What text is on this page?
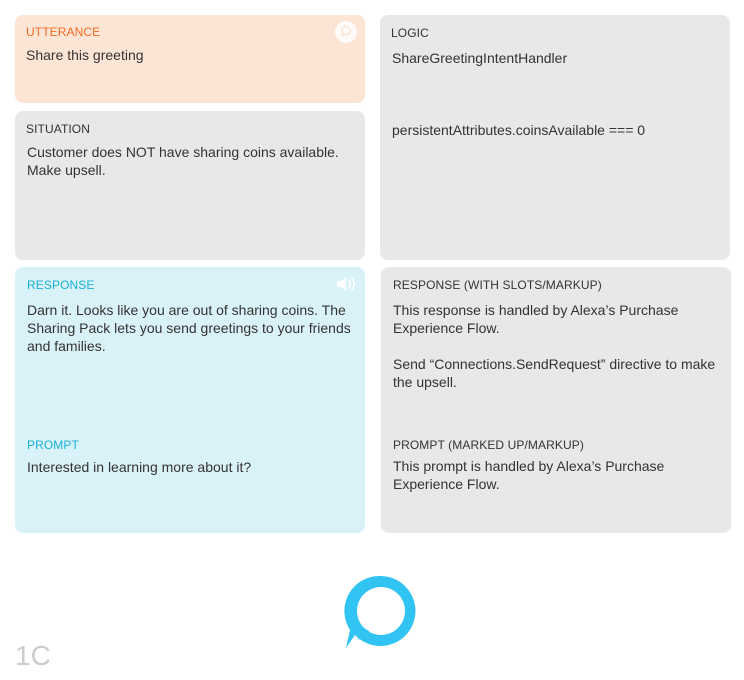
UTTERANCE
Share this greeting
SITUATION
Customer does NOT have sharing coins available.
Make upsell.
LOGIC
ShareGreetingIntentHandler
persistentAttributes.coinsAvailable === 0
RESPONSE
Darn it. Looks like you are out of sharing coins. The
Sharing Pack lets you send greetings to your friends
and families.
PROMPT
Interested in learning more about it?
RESPONSE (WITH SLOTS/MARKUP)
This response is handled by Alexa’s Purchase
Experience Flow.
Send “Connections.SendRequest” directive to make
the upsell.
PROMPT (MARKED UP/MARKUP)
This prompt is handled by Alexa’s Purchase
Experience Flow.
1C
